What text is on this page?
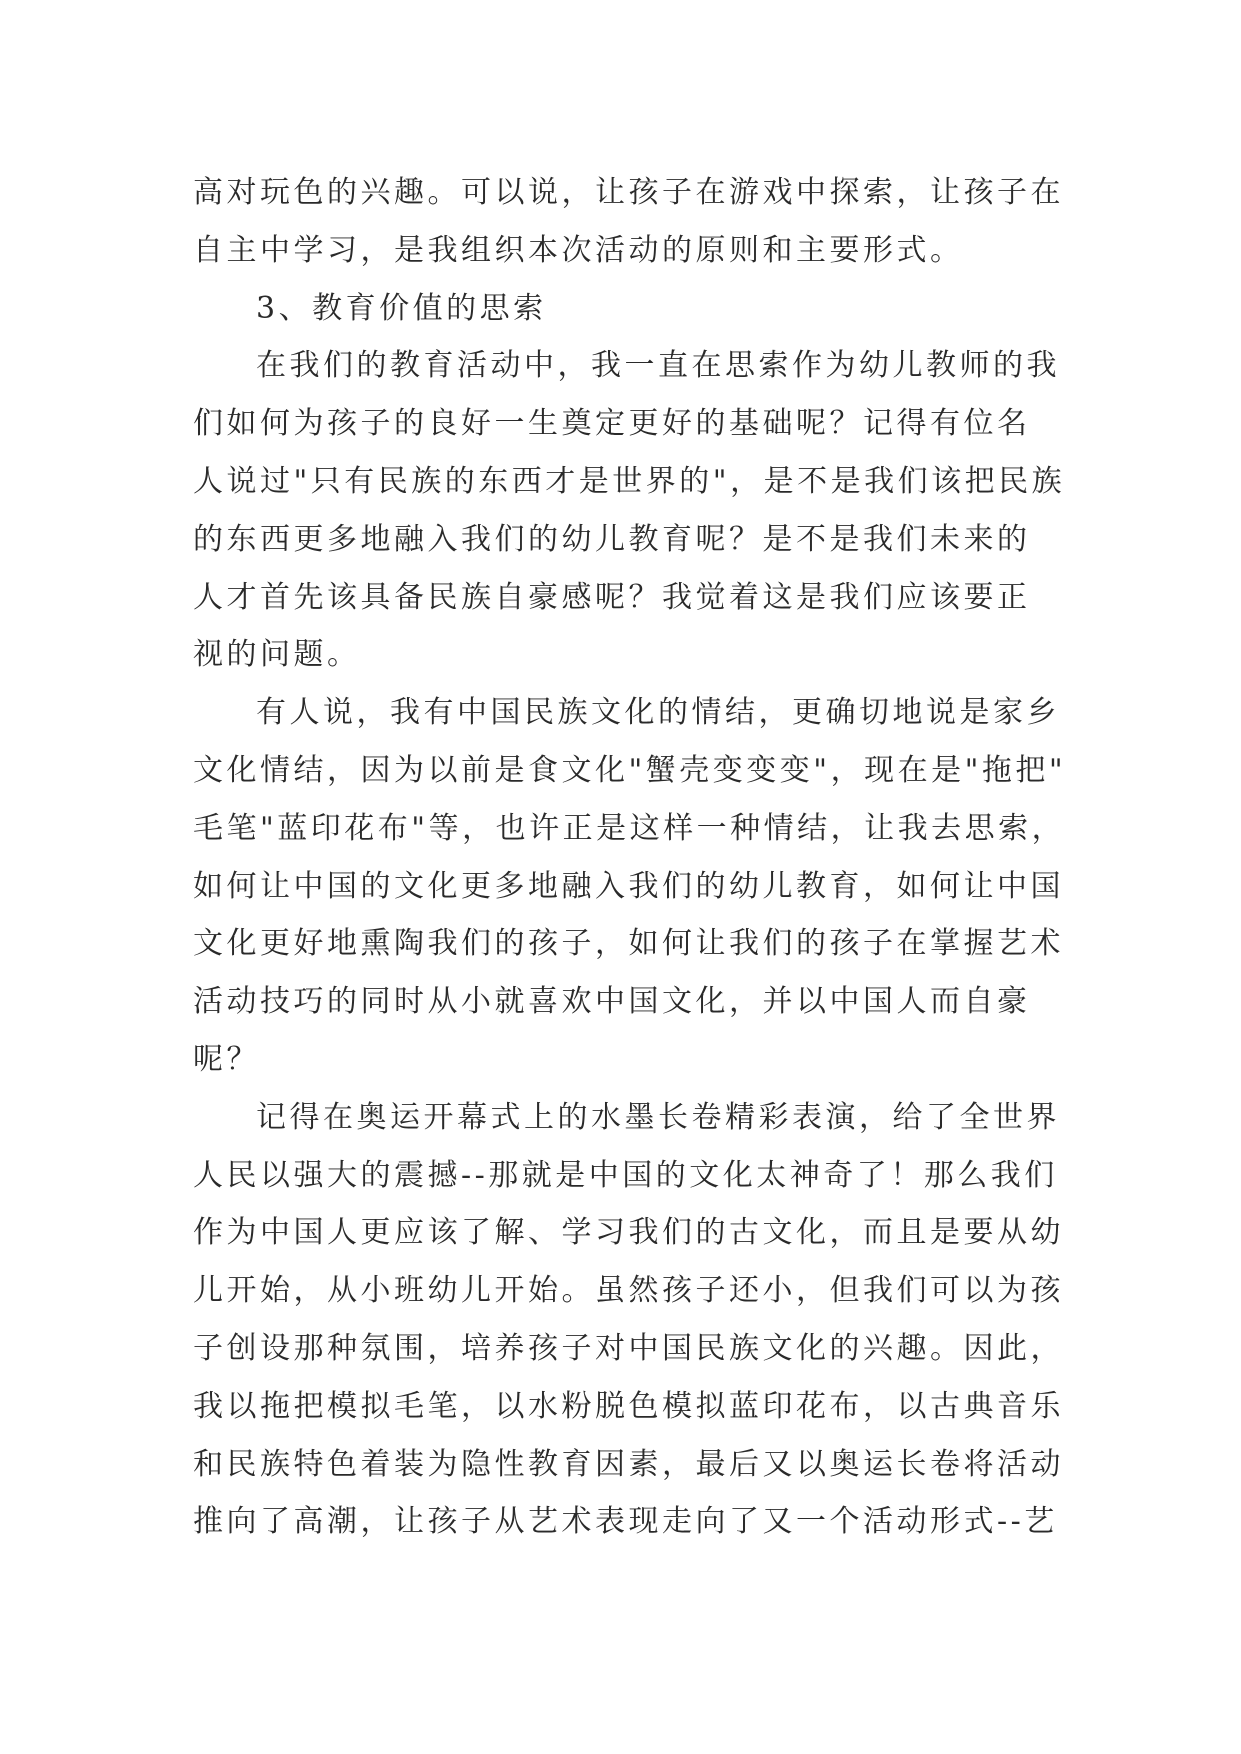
高对玩色的兴趣。可以说，让孩子在游戏中探索，让孩子在
自主中学习，是我组织本次活动的原则和主要形式。
3、教育价值的思索
在我们的教育活动中，我一直在思索作为幼儿教师的我
们如何为孩子的良好一生奠定更好的基础呢？记得有位名
人说过"只有民族的东西才是世界的"，是不是我们该把民族
的东西更多地融入我们的幼儿教育呢？是不是我们未来的
人才首先该具备民族自豪感呢？我觉着这是我们应该要正
视的问题。
有人说，我有中国民族文化的情结，更确切地说是家乡
文化情结，因为以前是食文化"蟹壳变变变"，现在是"拖把"
毛笔"蓝印花布"等，也许正是这样一种情结，让我去思索，
如何让中国的文化更多地融入我们的幼儿教育，如何让中国
文化更好地熏陶我们的孩子，如何让我们的孩子在掌握艺术
活动技巧的同时从小就喜欢中国文化，并以中国人而自豪
呢？
记得在奥运开幕式上的水墨长卷精彩表演，给了全世界
人民以强大的震撼--那就是中国的文化太神奇了！那么我们
作为中国人更应该了解、学习我们的古文化，而且是要从幼
儿开始，从小班幼儿开始。虽然孩子还小，但我们可以为孩
子创设那种氛围，培养孩子对中国民族文化的兴趣。因此，
我以拖把模拟毛笔，以水粉脱色模拟蓝印花布，以古典音乐
和民族特色着装为隐性教育因素，最后又以奥运长卷将活动
推向了高潮，让孩子从艺术表现走向了又一个活动形式--艺
